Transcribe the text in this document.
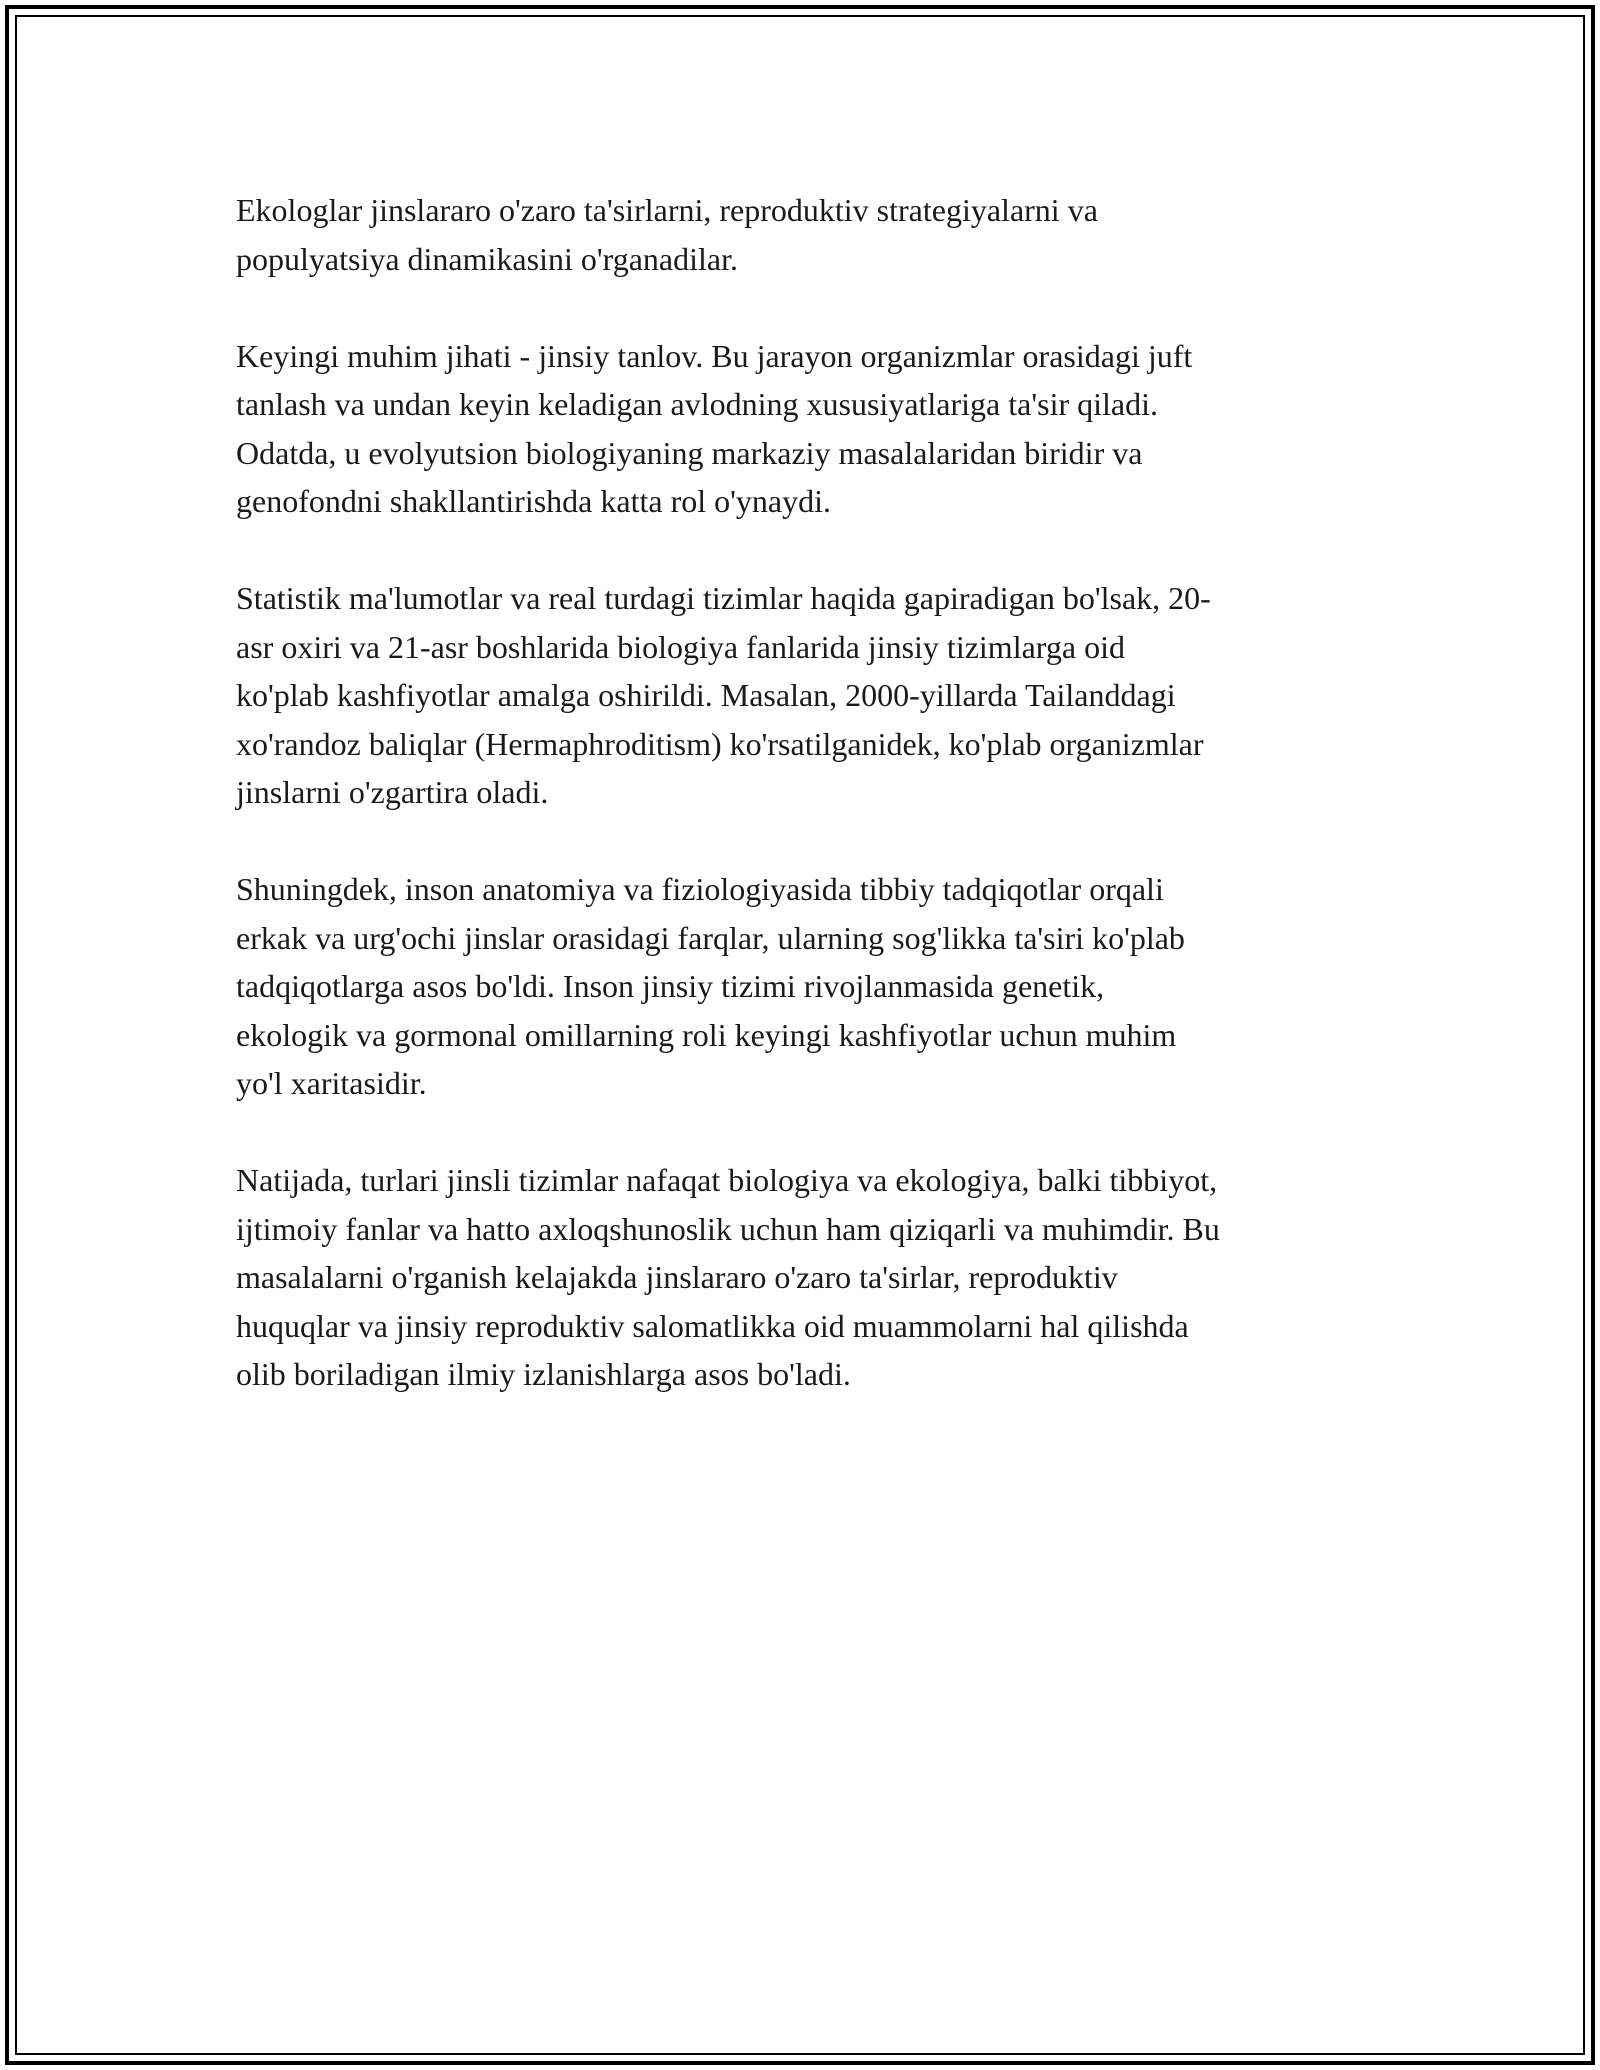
Ekologlar jinslararo o'zaro ta'sirlarni, reproduktiv strategiyalarni va
populyatsiya dinamikasini o'rganadilar.

Keyingi muhim jihati - jinsiy tanlov. Bu jarayon organizmlar orasidagi juft
tanlash va undan keyin keladigan avlodning xususiyatlariga ta'sir qiladi.
Odatda, u evolyutsion biologiyaning markaziy masalalaridan biridir va
genofondni shakllantirishda katta rol o'ynaydi.

Statistik ma'lumotlar va real turdagi tizimlar haqida gapiradigan bo'lsak, 20-
asr oxiri va 21-asr boshlarida biologiya fanlarida jinsiy tizimlarga oid
ko'plab kashfiyotlar amalga oshirildi. Masalan, 2000-yillarda Tailanddagi
xo'randoz baliqlar (Hermaphroditism) ko'rsatilganidek, ko'plab organizmlar
jinslarni o'zgartira oladi.

Shuningdek, inson anatomiya va fiziologiyasida tibbiy tadqiqotlar orqali
erkak va urg'ochi jinslar orasidagi farqlar, ularning sog'likka ta'siri ko'plab
tadqiqotlarga asos bo'ldi. Inson jinsiy tizimi rivojlanmasida genetik,
ekologik va gormonal omillarning roli keyingi kashfiyotlar uchun muhim
yo'l xaritasidir.

Natijada, turlari jinsli tizimlar nafaqat biologiya va ekologiya, balki tibbiyot,
ijtimoiy fanlar va hatto axloqshunoslik uchun ham qiziqarli va muhimdir. Bu
masalalarni o'rganish kelajakda jinslararo o'zaro ta'sirlar, reproduktiv
huquqlar va jinsiy reproduktiv salomatlikka oid muammolarni hal qilishda
olib boriladigan ilmiy izlanishlarga asos bo'ladi.
